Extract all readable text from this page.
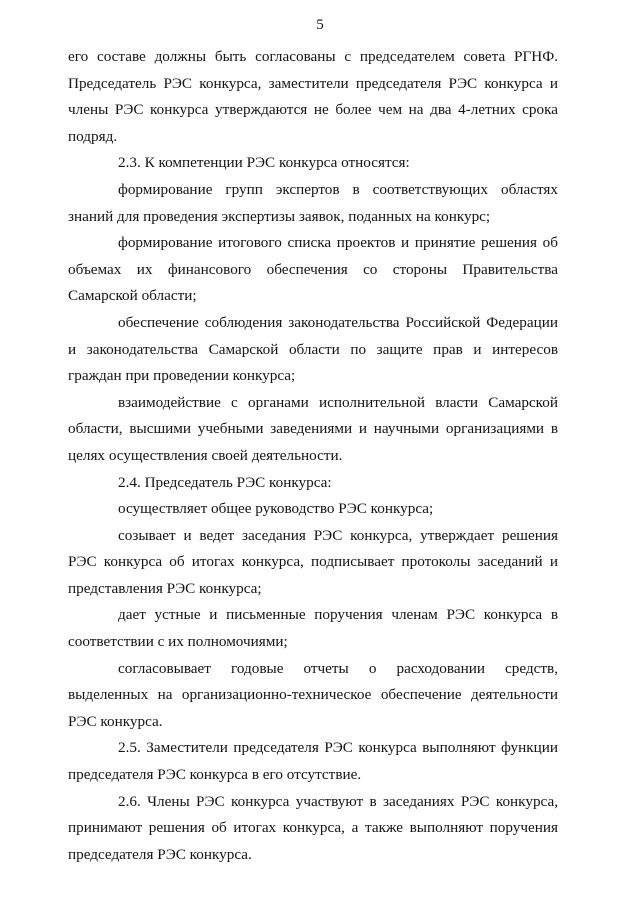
5

его составе должны быть согласованы с председателем совета РГНФ. Председатель РЭС конкурса, заместители председателя РЭС конкурса и члены РЭС конкурса утверждаются не более чем на два 4-летних срока подряд.

2.3. К компетенции РЭС конкурса относятся:

формирование групп экспертов в соответствующих областях знаний для проведения экспертизы заявок, поданных на конкурс;

формирование итогового списка проектов и принятие решения об объемах их финансового обеспечения со стороны Правительства Самарской области;

обеспечение соблюдения законодательства Российской Федерации и законодательства Самарской области по защите прав и интересов граждан при проведении конкурса;

взаимодействие с органами исполнительной власти Самарской области, высшими учебными заведениями и научными организациями в целях осуществления своей деятельности.

2.4. Председатель РЭС конкурса:

осуществляет общее руководство РЭС конкурса;

созывает и ведет заседания РЭС конкурса, утверждает решения РЭС конкурса об итогах конкурса, подписывает протоколы заседаний и представления РЭС конкурса;

дает устные и письменные поручения членам РЭС конкурса в соответствии с их полномочиями;

согласовывает годовые отчеты о расходовании средств, выделенных на организационно-техническое обеспечение деятельности РЭС конкурса.

2.5. Заместители председателя РЭС конкурса выполняют функции председателя РЭС конкурса в его отсутствие.

2.6. Члены РЭС конкурса участвуют в заседаниях РЭС конкурса, принимают решения об итогах конкурса, а также выполняют поручения председателя РЭС конкурса.
